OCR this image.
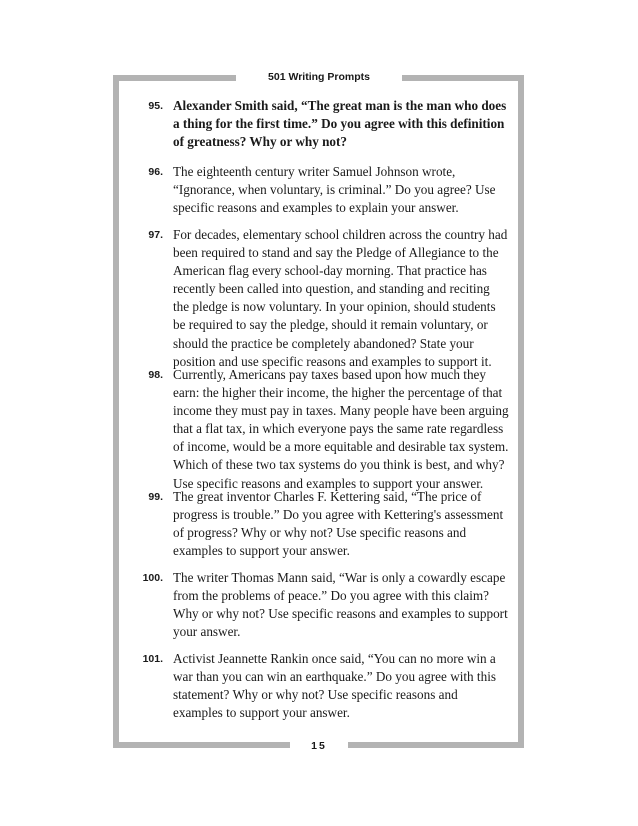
501 Writing Prompts
95. Alexander Smith said, “The great man is the man who does a thing for the first time.” Do you agree with this definition of greatness? Why or why not?
96. The eighteenth century writer Samuel Johnson wrote, “Ignorance, when voluntary, is criminal.” Do you agree? Use specific reasons and examples to explain your answer.
97. For decades, elementary school children across the country had been required to stand and say the Pledge of Allegiance to the American flag every school-day morning. That practice has recently been called into question, and standing and reciting the pledge is now voluntary. In your opinion, should students be required to say the pledge, should it remain voluntary, or should the practice be completely abandoned? State your position and use specific reasons and examples to support it.
98. Currently, Americans pay taxes based upon how much they earn: the higher their income, the higher the percentage of that income they must pay in taxes. Many people have been arguing that a flat tax, in which everyone pays the same rate regardless of income, would be a more equitable and desirable tax system. Which of these two tax systems do you think is best, and why? Use specific reasons and examples to support your answer.
99. The great inventor Charles F. Kettering said, “The price of progress is trouble.” Do you agree with Kettering's assessment of progress? Why or why not? Use specific reasons and examples to support your answer.
100. The writer Thomas Mann said, “War is only a cowardly escape from the problems of peace.” Do you agree with this claim? Why or why not? Use specific reasons and examples to support your answer.
101. Activist Jeannette Rankin once said, “You can no more win a war than you can win an earthquake.” Do you agree with this statement? Why or why not? Use specific reasons and examples to support your answer.
15
